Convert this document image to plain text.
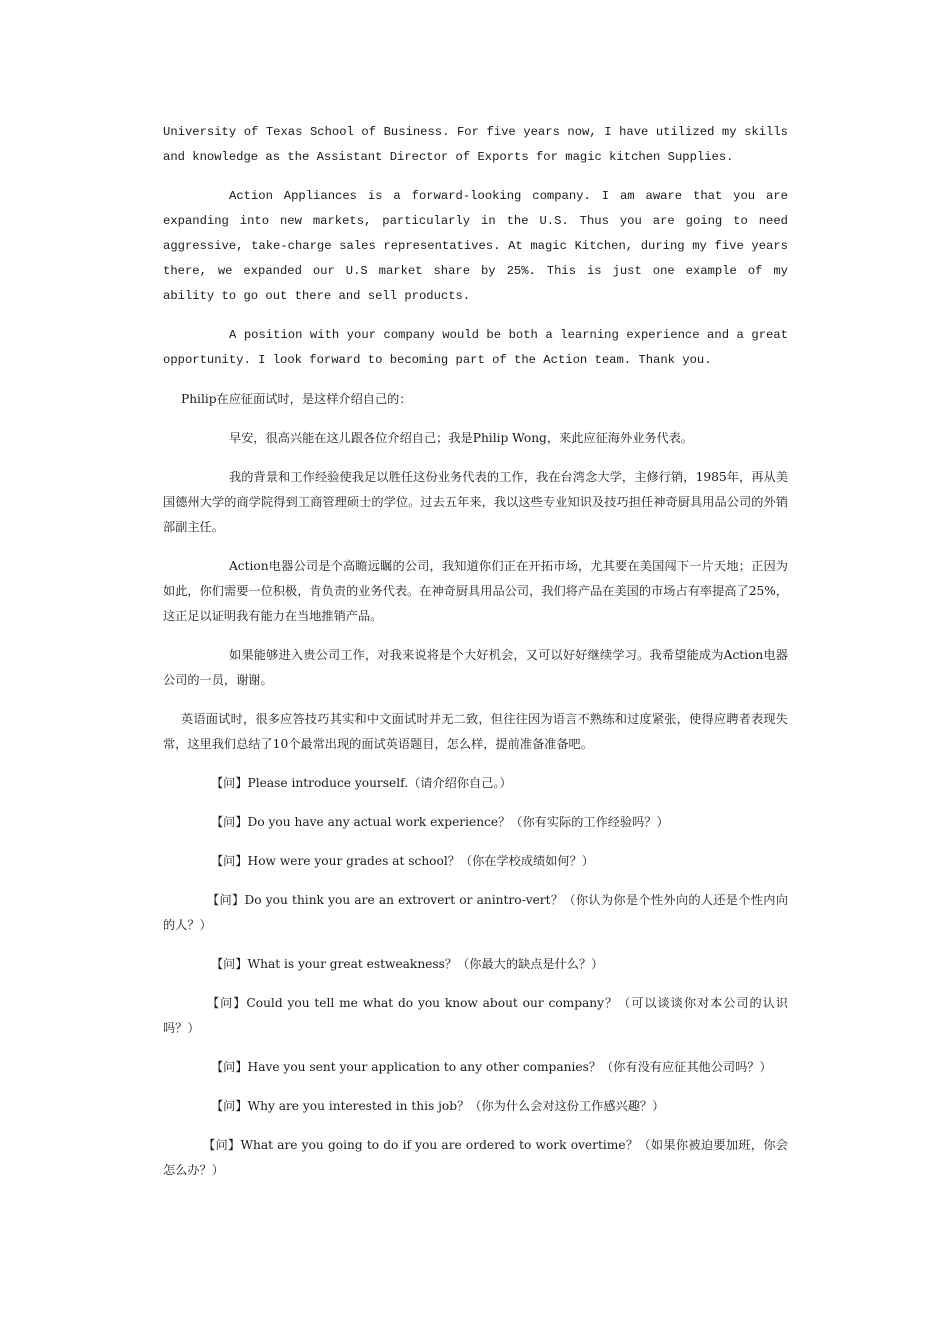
University of Texas School of Business. For five years now, I have utilized my skills and knowledge as the Assistant Director of Exports for magic kitchen Supplies.

Action Appliances is a forward-looking company. I am aware that you are expanding into new markets, particularly in the U.S. Thus you are going to need aggressive, take-charge sales representatives. At magic Kitchen, during my five years there, we expanded our U.S market share by 25%. This is just one example of my ability to go out there and sell products.

A position with your company would be both a learning experience and a great opportunity. I look forward to becoming part of the Action team. Thank you.

Philip在应征面试时，是这样介绍自己的：

早安，很高兴能在这儿跟各位介绍自己；我是Philip Wong，来此应征海外业务代表。

我的背景和工作经验使我足以胜任这份业务代表的工作，我在台湾念大学，主修行销，1985年，再从美国德州大学的商学院得到工商管理硕士的学位。过去五年来，我以这些专业知识及技巧担任神奇厨具用品公司的外销部副主任。

Action电器公司是个高瞻远瞩的公司，我知道你们正在开拓市场，尤其要在美国闯下一片天地；正因为如此，你们需要一位积极，肯负责的业务代表。在神奇厨具用品公司，我们将产品在美国的市场占有率提高了25%，这正足以证明我有能力在当地推销产品。

如果能够进入贵公司工作，对我来说将是个大好机会，又可以好好继续学习。我希望能成为Action电器公司的一员，谢谢。

英语面试时，很多应答技巧其实和中文面试时并无二致，但往往因为语言不熟练和过度紧张，使得应聘者表现失常，这里我们总结了10个最常出现的面试英语题目，怎么样，提前准备准备吧。

【问】Please introduce yourself.（请介绍你自己。）

【问】Do you have any actual work experience？（你有实际的工作经验吗？）

【问】How were your grades at school？（你在学校成绩如何？）

【问】Do you think you are an extrovert or anintro-vert？（你认为你是个性外向的人还是个性内向的人？）

【问】What is your great estweakness？（你最大的缺点是什么？）

【问】Could you tell me what do you know about our company？（可以谈谈你对本公司的认识吗？）

【问】Have you sent your application to any other companies？（你有没有应征其他公司吗？）

【问】Why are you interested in this job？（你为什么会对这份工作感兴趣？）

【问】What are you going to do if you are ordered to work overtime？（如果你被迫要加班，你会怎么办？）
